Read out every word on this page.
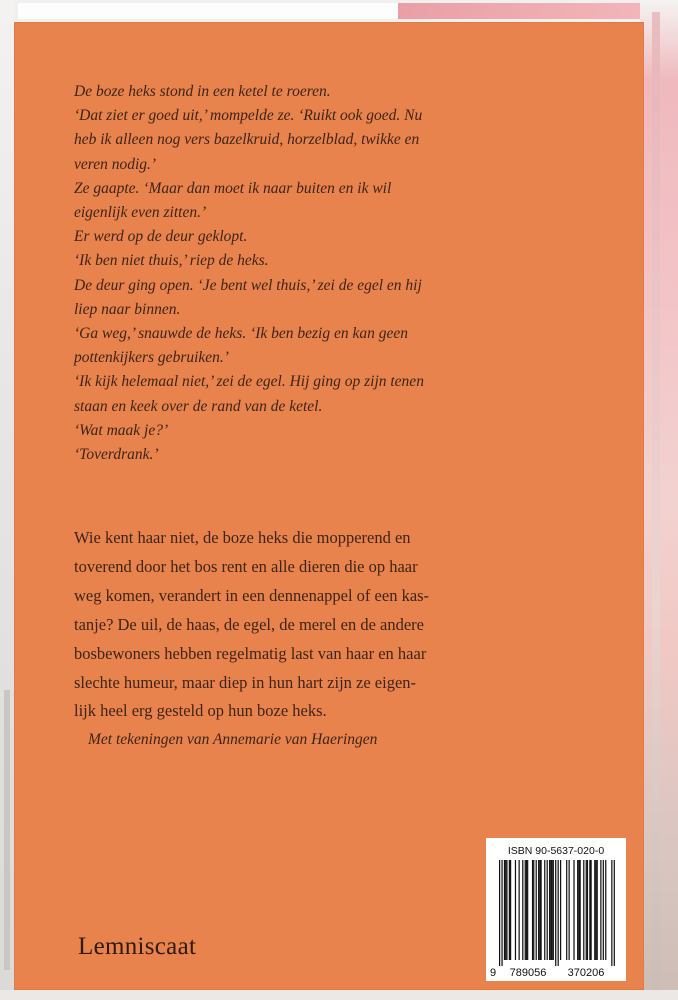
De boze heks stond in een ketel te roeren.

‘Dat ziet er goed uit,’ mompelde ze. ‘Ruikt ook goed. Nu

heb ik alleen nog vers bazelkruid, horzelblad, twikke en

veren nodig.’

Ze gaapte. ‘Maar dan moet ik naar buiten en ik wil

eigenlijk even zitten.’

Er werd op de deur geklopt.

‘Ik ben niet thuis,’ riep de heks.

De deur ging open. ‘Je bent wel thuis,’ zei de egel en hij

liep naar binnen.

‘Ga weg,’ snauwde de heks. ‘Ik ben bezig en kan geen

pottenkijkers gebruiken.’

‘Ik kijk helemaal niet,’ zei de egel. Hij ging op zijn tenen

staan en keek over de rand van de ketel.

‘Wat maak je?’

‘Toverdrank.’

Wie kent haar niet, de boze heks die mopperend en
toverend door het bos rent en alle dieren die op haar
weg komen, verandert in een dennenappel of een kas-
tanje? De uil, de haas, de egel, de merel en de andere
bosbewoners hebben regelmatig last van haar en haar
slechte humeur, maar diep in hun hart zijn ze eigen-
lijk heel erg gesteld op hun boze heks.
Met tekeningen van Annemarie van Haeringen
Lemniscaat
ISBN 90-5637-020-0
9 789056 370206
